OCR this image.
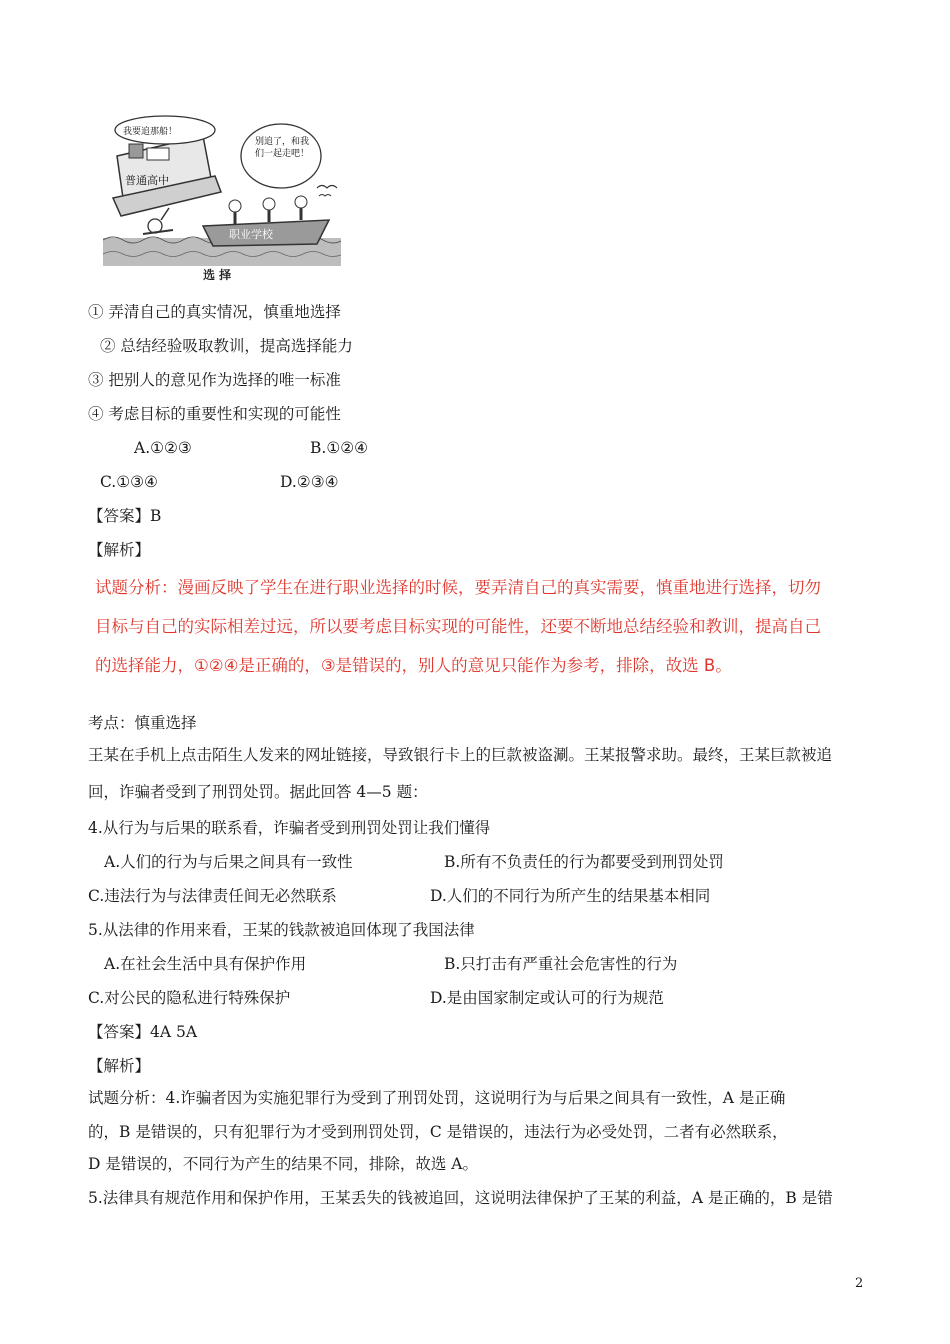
普通高中
我要追那船！
别追了，和我们一起走吧！
职业学校
选 择
① 弄清自己的真实情况，慎重地选择
② 总结经验吸取教训，提高选择能力
③ 把别人的意见作为选择的唯一标准
④ 考虑目标的重要性和实现的可能性
A.①②③	B.①②④
C.①③④	D.②③④
【答案】B
【解析】
试题分析：漫画反映了学生在进行职业选择的时候，要弄清自己的真实需要，慎重地进行选择，切勿
目标与自己的实际相差过远，所以要考虑目标实现的可能性，还要不断地总结经验和教训，提高自己
的选择能力，①②④是正确的，③是错误的，别人的意见只能作为参考，排除，故选 B。
考点：慎重选择
王某在手机上点击陌生人发来的网址链接，导致银行卡上的巨款被盗涮。王某报警求助。最终，王某巨款被追
回，诈骗者受到了刑罚处罚。据此回答 4—5 题：
4.从行为与后果的联系看，诈骗者受到刑罚处罚让我们懂得
A.人们的行为与后果之间具有一致性	B.所有不负责任的行为都要受到刑罚处罚
C.违法行为与法律责任间无必然联系	D.人们的不同行为所产生的结果基本相同
5.从法律的作用来看，王某的钱款被追回体现了我国法律
A.在社会生活中具有保护作用	B.只打击有严重社会危害性的行为
C.对公民的隐私进行特殊保护	D.是由国家制定或认可的行为规范
【答案】4A 5A
【解析】
试题分析：4.诈骗者因为实施犯罪行为受到了刑罚处罚，这说明行为与后果之间具有一致性，A 是正确
的，B 是错误的，只有犯罪行为才受到刑罚处罚，C 是错误的，违法行为必受处罚，二者有必然联系，
D 是错误的，不同行为产生的结果不同，排除，故选 A。
5.法律具有规范作用和保护作用，王某丢失的钱被追回，这说明法律保护了王某的利益，A 是正确的，B 是错
2
